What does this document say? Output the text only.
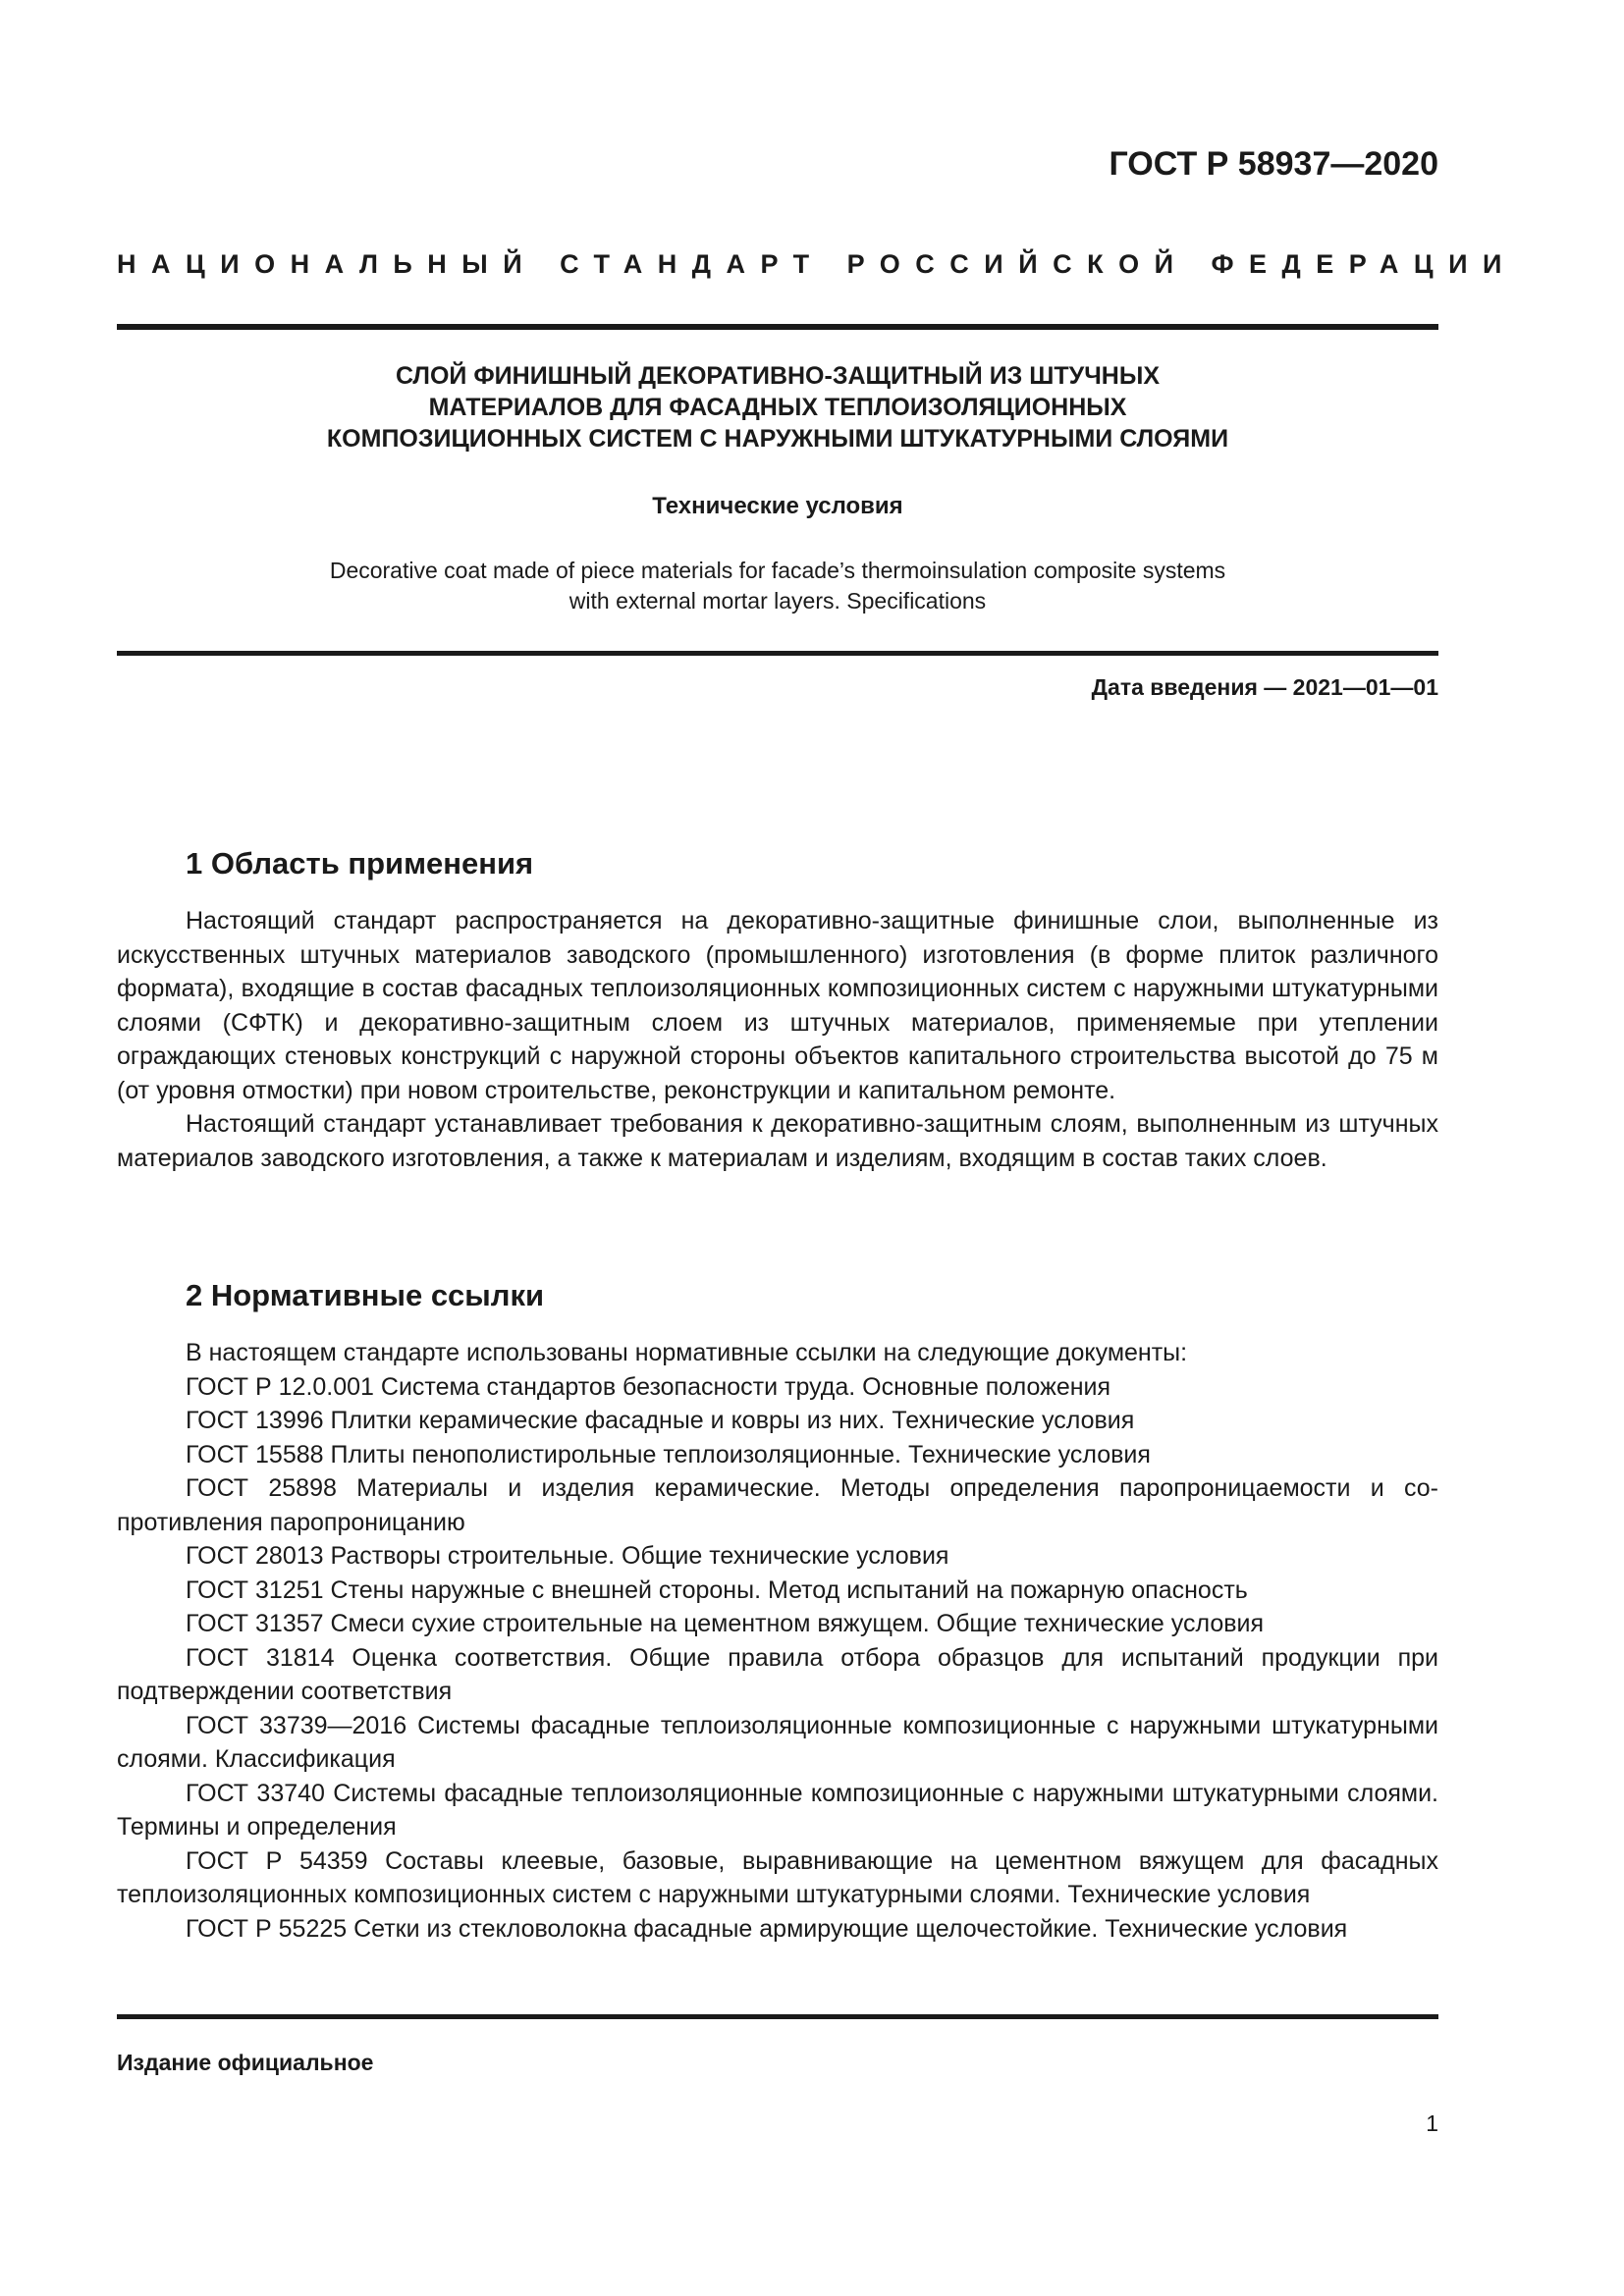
ГОСТ Р 58937—2020
НАЦИОНАЛЬНЫЙ СТАНДАРТ РОССИЙСКОЙ ФЕДЕРАЦИИ
СЛОЙ ФИНИШНЫЙ ДЕКОРАТИВНО-ЗАЩИТНЫЙ ИЗ ШТУЧНЫХ
МАТЕРИАЛОВ ДЛЯ ФАСАДНЫХ ТЕПЛОИЗОЛЯЦИОННЫХ
КОМПОЗИЦИОННЫХ СИСТЕМ С НАРУЖНЫМИ ШТУКАТУРНЫМИ СЛОЯМИ
Технические условия
Decorative coat made of piece materials for facade’s thermoinsulation composite systems
with external mortar layers. Specifications
Дата введения — 2021—01—01
1 Область применения

Настоящий стандарт распространяется на декоративно-защитные финишные слои, выполненные из искусственных штучных материалов заводского (промышленного) изготовления (в форме плиток различного формата), входящие в состав фасадных теплоизоляционных композиционных систем с наружными штукатурными слоями (СФТК) и декоративно-защитным слоем из штучных материалов, применяемые при утеплении ограждающих стеновых конструкций с наружной стороны объектов капитального строительства высотой до 75 м (от уровня отмостки) при новом строительстве, реконструкции и капитальном ремонте.

Настоящий стандарт устанавливает требования к декоративно-защитным слоям, выполненным из штучных материалов заводского изготовления, а также к материалам и изделиям, входящим в состав таких слоев.

2 Нормативные ссылки

В настоящем стандарте использованы нормативные ссылки на следующие документы:

ГОСТ Р 12.0.001 Система стандартов безопасности труда. Основные положения

ГОСТ 13996 Плитки керамические фасадные и ковры из них. Технические условия

ГОСТ 15588 Плиты пенополистирольные теплоизоляционные. Технические условия

ГОСТ 25898 Материалы и изделия керамические. Методы определения паропроницаемости и сопротивления паропроницанию

ГОСТ 28013 Растворы строительные. Общие технические условия

ГОСТ 31251 Стены наружные с внешней стороны. Метод испытаний на пожарную опасность

ГОСТ 31357 Смеси сухие строительные на цементном вяжущем. Общие технические условия

ГОСТ 31814 Оценка соответствия. Общие правила отбора образцов для испытаний продукции при подтверждении соответствия

ГОСТ 33739—2016 Системы фасадные теплоизоляционные композиционные с наружными штукатурными слоями. Классификация

ГОСТ 33740 Системы фасадные теплоизоляционные композиционные с наружными штукатурными слоями. Термины и определения

ГОСТ Р 54359 Составы клеевые, базовые, выравнивающие на цементном вяжущем для фасадных теплоизоляционных композиционных систем с наружными штукатурными слоями. Технические условия

ГОСТ Р 55225 Сетки из стекловолокна фасадные армирующие щелочестойкие. Технические условия

Издание официальное
1
